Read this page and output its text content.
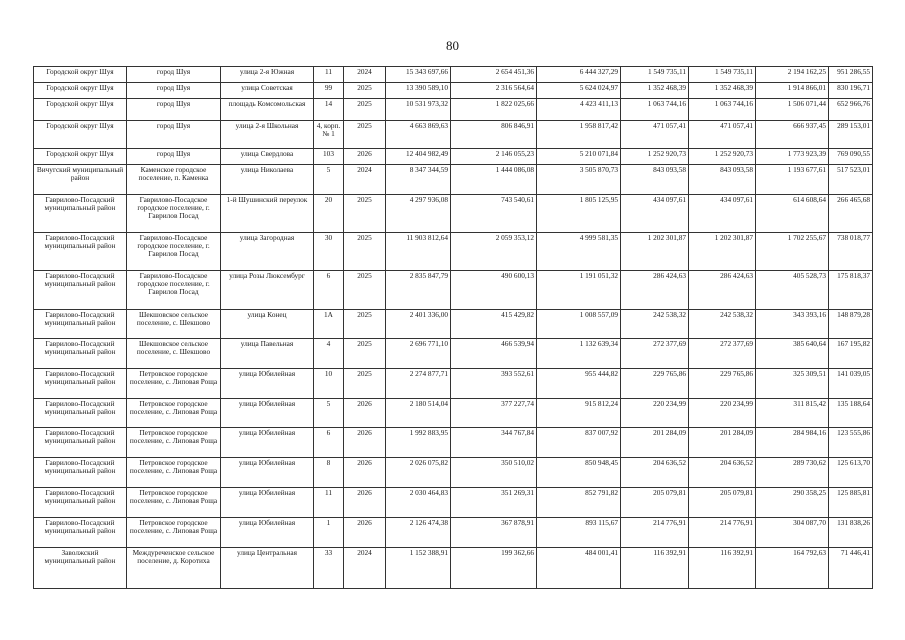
80
Городской округ Шуя	город Шуя	улица 2-я Южная	11	2024	15 343 697,66	2 654 451,36	6 444 327,29	1 549 735,11	1 549 735,11	2 194 162,25	951 286,55
Городской округ Шуя	город Шуя	улица Советская	99	2025	13 390 589,10	2 316 564,64	5 624 024,97	1 352 468,39	1 352 468,39	1 914 866,01	830 196,71
Городской округ Шуя	город Шуя	площадь Комсомольская	14	2025	10 531 973,32	1 822 025,66	4 423 411,13	1 063 744,16	1 063 744,16	1 506 071,44	652 966,76
Городской округ Шуя	город Шуя	улица 2-я Школьная	4, корп. № 1	2025	4 663 869,63	806 846,91	1 958 817,42	471 057,41	471 057,41	666 937,45	289 153,01
Городской округ Шуя	город Шуя	улица Свердлова	103	2026	12 404 982,49	2 146 055,23	5 210 071,84	1 252 920,73	1 252 920,73	1 773 923,39	769 090,55
Вичугский муниципальный район	Каменское городское поселение, п. Каменка	улица Николаева	5	2024	8 347 344,59	1 444 086,08	3 505 870,73	843 093,58	843 093,58	1 193 677,61	517 523,01
Гаврилово-Посадский муниципальный район	Гаврилово-Посадское городское поселение, г. Гаврилов Посад	1-й Шушинский переулок	20	2025	4 297 936,08	743 540,61	1 805 125,95	434 097,61	434 097,61	614 608,64	266 465,68
Гаврилово-Посадский муниципальный район	Гаврилово-Посадское городское поселение, г. Гаврилов Посад	улица Загородная	30	2025	11 903 812,64	2 059 353,12	4 999 581,35	1 202 301,87	1 202 301,87	1 702 255,67	738 018,77
Гаврилово-Посадский муниципальный район	Гаврилово-Посадское городское поселение, г. Гаврилов Посад	улица Розы Люксембург	6	2025	2 835 847,79	490 600,13	1 191 051,32	286 424,63	286 424,63	405 528,73	175 818,37
Гаврилово-Посадский муниципальный район	Шекшовское сельское поселение, с. Шекшово	улица Конец	1А	2025	2 401 336,00	415 429,82	1 008 557,09	242 538,32	242 538,32	343 393,16	148 879,28
Гаврилово-Посадский муниципальный район	Шекшовское сельское поселение, с. Шекшово	улица Павельная	4	2025	2 696 771,10	466 539,94	1 132 639,34	272 377,69	272 377,69	385 640,64	167 195,82
Гаврилово-Посадский муниципальный район	Петровское городское поселение, с. Липовая Роща	улица Юбилейная	10	2025	2 274 877,71	393 552,61	955 444,82	229 765,86	229 765,86	325 309,51	141 039,05
Гаврилово-Посадский муниципальный район	Петровское городское поселение, с. Липовая Роща	улица Юбилейная	5	2026	2 180 514,04	377 227,74	915 812,24	220 234,99	220 234,99	311 815,42	135 188,64
Гаврилово-Посадский муниципальный район	Петровское городское поселение, с. Липовая Роща	улица Юбилейная	6	2026	1 992 883,95	344 767,84	837 007,92	201 284,09	201 284,09	284 984,16	123 555,86
Гаврилово-Посадский муниципальный район	Петровское городское поселение, с. Липовая Роща	улица Юбилейная	8	2026	2 026 075,82	350 510,02	850 948,45	204 636,52	204 636,52	289 730,62	125 613,70
Гаврилово-Посадский муниципальный район	Петровское городское поселение, с. Липовая Роща	улица Юбилейная	11	2026	2 030 464,83	351 269,31	852 791,82	205 079,81	205 079,81	290 358,25	125 885,81
Гаврилово-Посадский муниципальный район	Петровское городское поселение, с. Липовая Роща	улица Юбилейная	1	2026	2 126 474,38	367 878,91	893 115,67	214 776,91	214 776,91	304 087,70	131 838,26
Заволжский муниципальный район	Междуреченское сельское поселение, д. Коротиха	улица Центральная	33	2024	1 152 388,91	199 362,66	484 001,41	116 392,91	116 392,91	164 792,63	71 446,41
